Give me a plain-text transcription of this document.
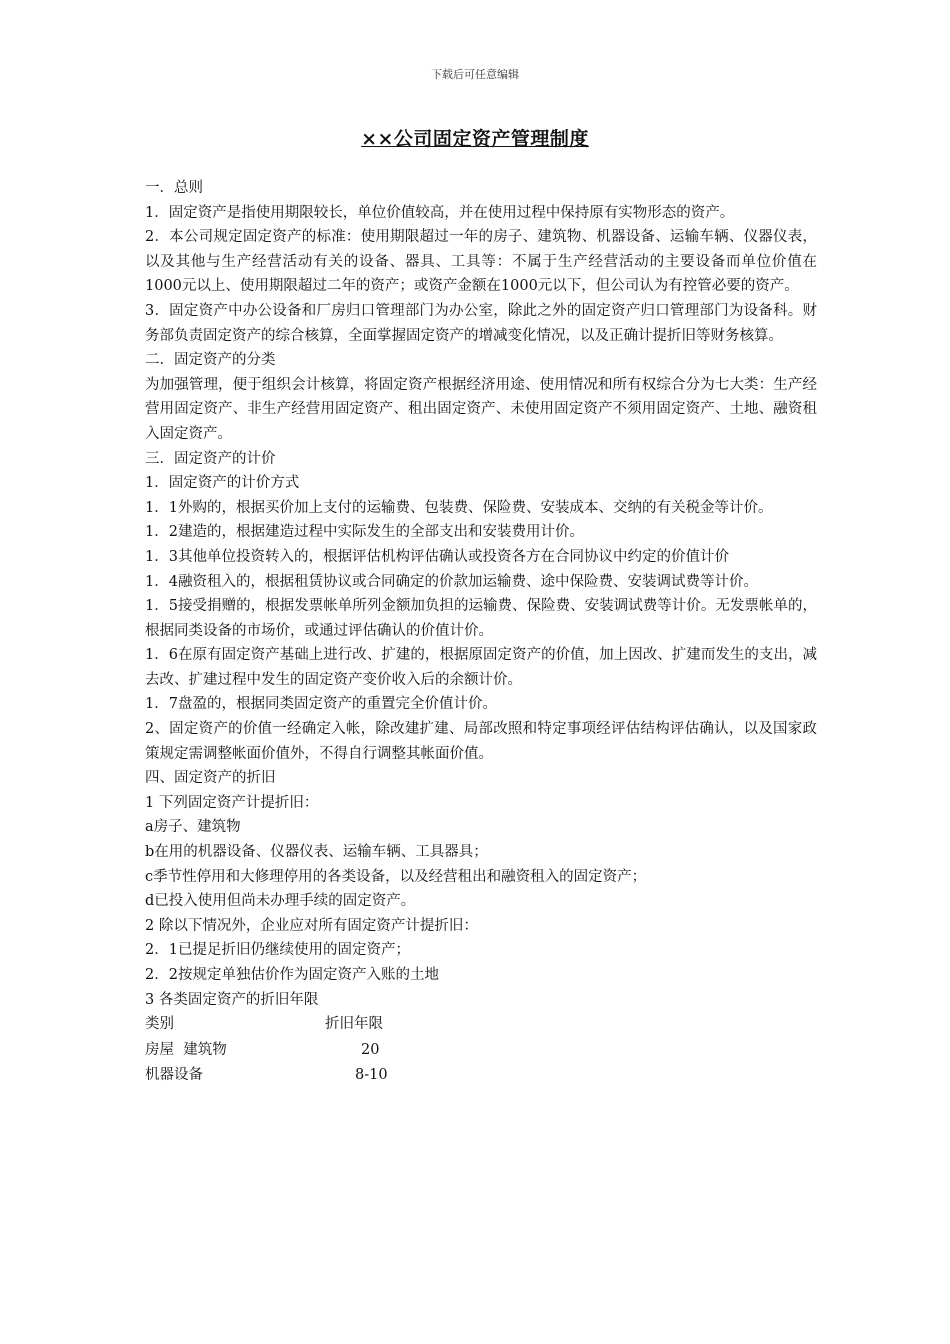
下载后可任意编辑
××公司固定资产管理制度

一．总则

1．固定资产是指使用期限较长，单位价值较高，并在使用过程中保持原有实物形态的资产。

2．本公司规定固定资产的标准：使用期限超过一年的房子、建筑物、机器设备、运输车辆、仪器仪表，以及其他与生产经营活动有关的设备、器具、工具等：不属于生产经营活动的主要设备而单位价值在1000元以上、使用期限超过二年的资产；或资产金额在1000元以下，但公司认为有控管必要的资产。

3．固定资产中办公设备和厂房归口管理部门为办公室，除此之外的固定资产归口管理部门为设备科。财务部负责固定资产的综合核算，全面掌握固定资产的增减变化情况，以及正确计提折旧等财务核算。

二．固定资产的分类

为加强管理，便于组织会计核算，将固定资产根据经济用途、使用情况和所有权综合分为七大类：生产经营用固定资产、非生产经营用固定资产、租出固定资产、未使用固定资产不须用固定资产、土地、融资租入固定资产。

三．固定资产的计价

1．固定资产的计价方式

1．1外购的，根据买价加上支付的运输费、包装费、保险费、安装成本、交纳的有关税金等计价。

1．2建造的，根据建造过程中实际发生的全部支出和安装费用计价。

1．3其他单位投资转入的，根据评估机构评估确认或投资各方在合同协议中约定的价值计价

1．4融资租入的，根据租赁协议或合同确定的价款加运输费、途中保险费、安装调试费等计价。

1．5接受捐赠的，根据发票帐单所列金额加负担的运输费、保险费、安装调试费等计价。无发票帐单的，根据同类设备的市场价，或通过评估确认的价值计价。

1．6在原有固定资产基础上进行改、扩建的，根据原固定资产的价值，加上因改、扩建而发生的支出，减去改、扩建过程中发生的固定资产变价收入后的余额计价。

1．7盘盈的，根据同类固定资产的重置完全价值计价。

2、固定资产的价值一经确定入帐，除改建扩建、局部改照和特定事项经评估结构评估确认，以及国家政策规定需调整帐面价值外，不得自行调整其帐面价值。

四、固定资产的折旧

1 下列固定资产计提折旧：

a房子、建筑物

b在用的机器设备、仪器仪表、运输车辆、工具器具；

c季节性停用和大修理停用的各类设备，以及经营租出和融资租入的固定资产；

d已投入使用但尚未办理手续的固定资产。

2 除以下情况外，企业应对所有固定资产计提折旧：

2．1已提足折旧仍继续使用的固定资产；

2．2按规定单独估价作为固定资产入账的土地

3 各类固定资产的折旧年限

类别	折旧年限
房屋  建筑物	20
机器设备	8-10
